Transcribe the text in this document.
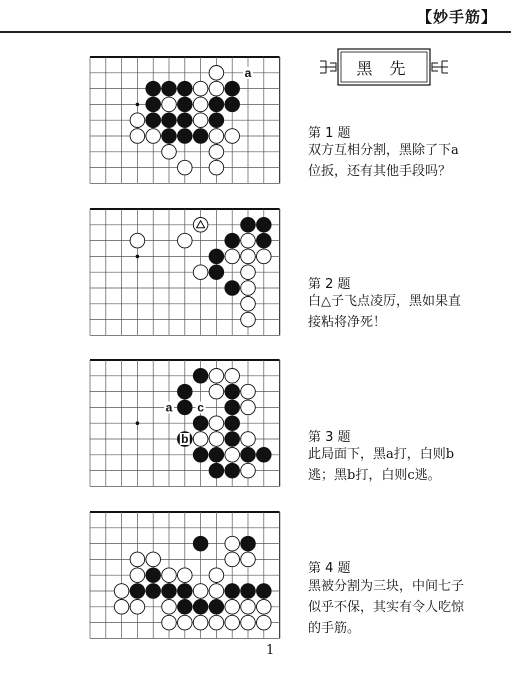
【妙手筋】
黑 先
a
第 1 题
双方互相分割，黑除了下a
位扳，还有其他手段吗？
第 2 题
白△子飞点凌厉，黑如果直
接粘将净死！
a c
b	第 3 题
此局面下，黑a打，白则b
逃；黑b打，白则c逃。
第 4 题
黑被分割为三块，中间七子
似乎不保，其实有令人吃惊
的手筋。
1
